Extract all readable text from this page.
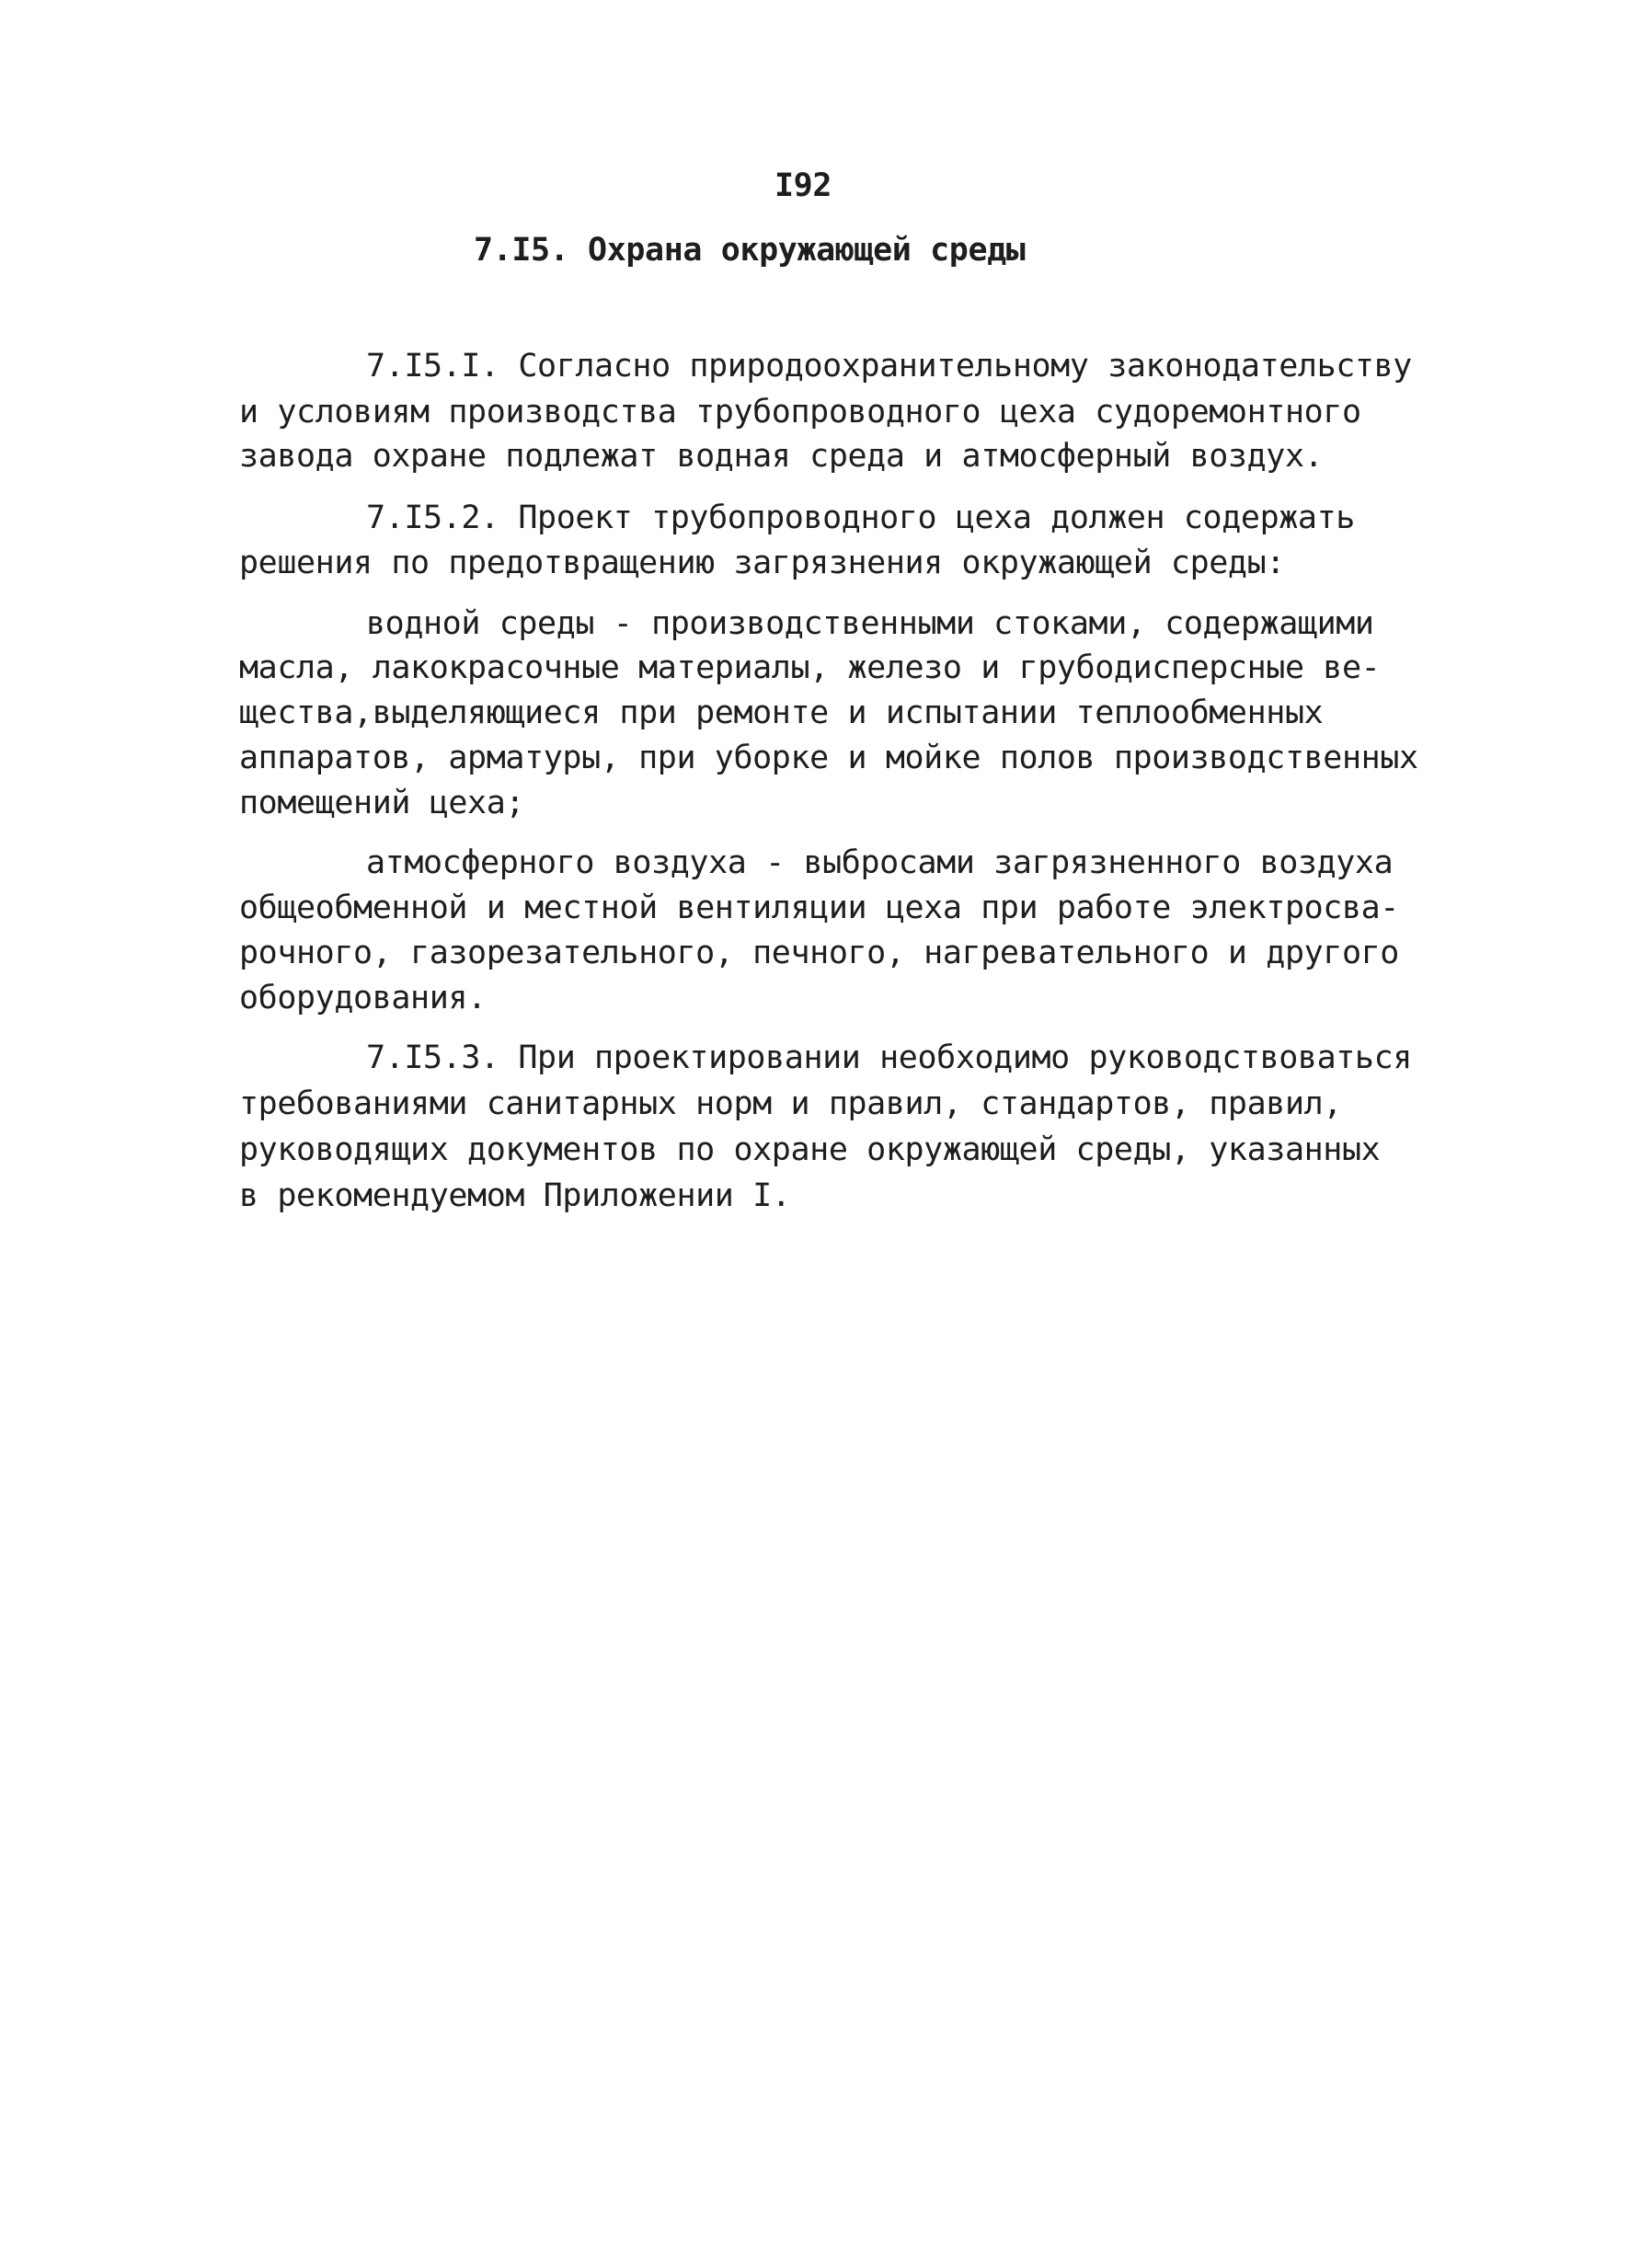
I92
7.I5. Охрана окружающей среды
7.I5.I. Согласно природоохранительному законодательству
и условиям производства трубопроводного цеха судоремонтного
завода охране подлежат водная среда и атмосферный воздух.
7.I5.2. Проект трубопроводного цеха должен содержать
решения по предотвращению загрязнения окружающей среды:
водной среды - производственными стоками, содержащими
масла, лакокрасочные материалы, железо и грубодисперсные ве-
щества,выделяющиеся при ремонте и испытании теплообменных
аппаратов, арматуры, при уборке и мойке полов производственных
помещений цеха;
атмосферного воздуха - выбросами загрязненного воздуха
общеобменной и местной вентиляции цеха при работе электросва-
рочного, газорезательного, печного, нагревательного и другого
оборудования.
7.I5.3. При проектировании необходимо руководствоваться
требованиями санитарных норм и правил, стандартов, правил,
руководящих документов по охране окружающей среды, указанных
в рекомендуемом Приложении I.
